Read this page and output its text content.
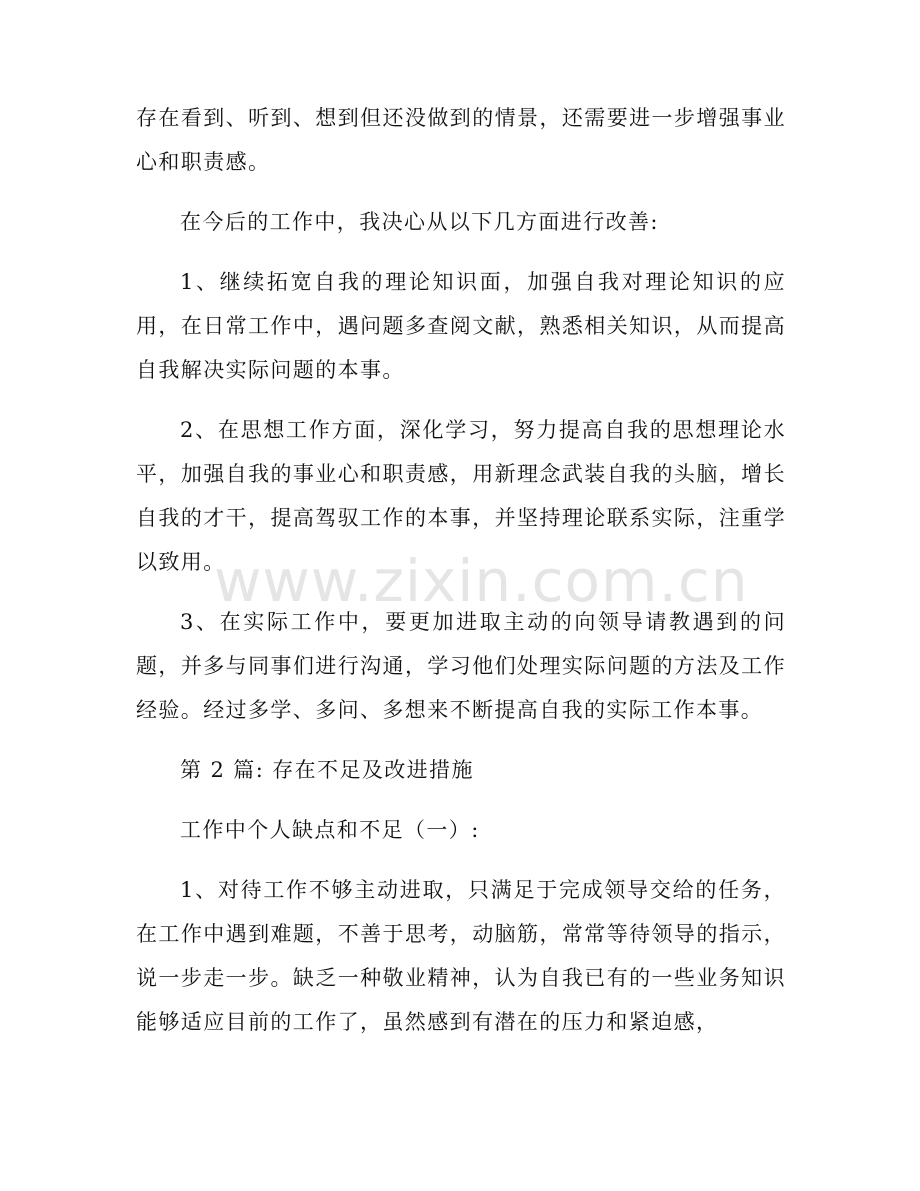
存在看到、听到、想到但还没做到的情景，还需要进一步增强事业心和职责感。

在今后的工作中，我决心从以下几方面进行改善:

1、继续拓宽自我的理论知识面，加强自我对理论知识的应用，在日常工作中，遇问题多查阅文献，熟悉相关知识，从而提高自我解决实际问题的本事。

2、在思想工作方面，深化学习，努力提高自我的思想理论水平，加强自我的事业心和职责感，用新理念武装自我的头脑，增长自我的才干，提高驾驭工作的本事，并坚持理论联系实际，注重学以致用。

3、在实际工作中，要更加进取主动的向领导请教遇到的问题，并多与同事们进行沟通，学习他们处理实际问题的方法及工作经验。经过多学、多问、多想来不断提高自我的实际工作本事。

第 2 篇: 存在不足及改进措施

工作中个人缺点和不足（一）:

1、对待工作不够主动进取，只满足于完成领导交给的任务，在工作中遇到难题，不善于思考，动脑筋，常常等待领导的指示，说一步走一步。缺乏一种敬业精神，认为自我已有的一些业务知识能够适应目前的工作了，虽然感到有潜在的压力和紧迫感，

www.zixin.com.cn
